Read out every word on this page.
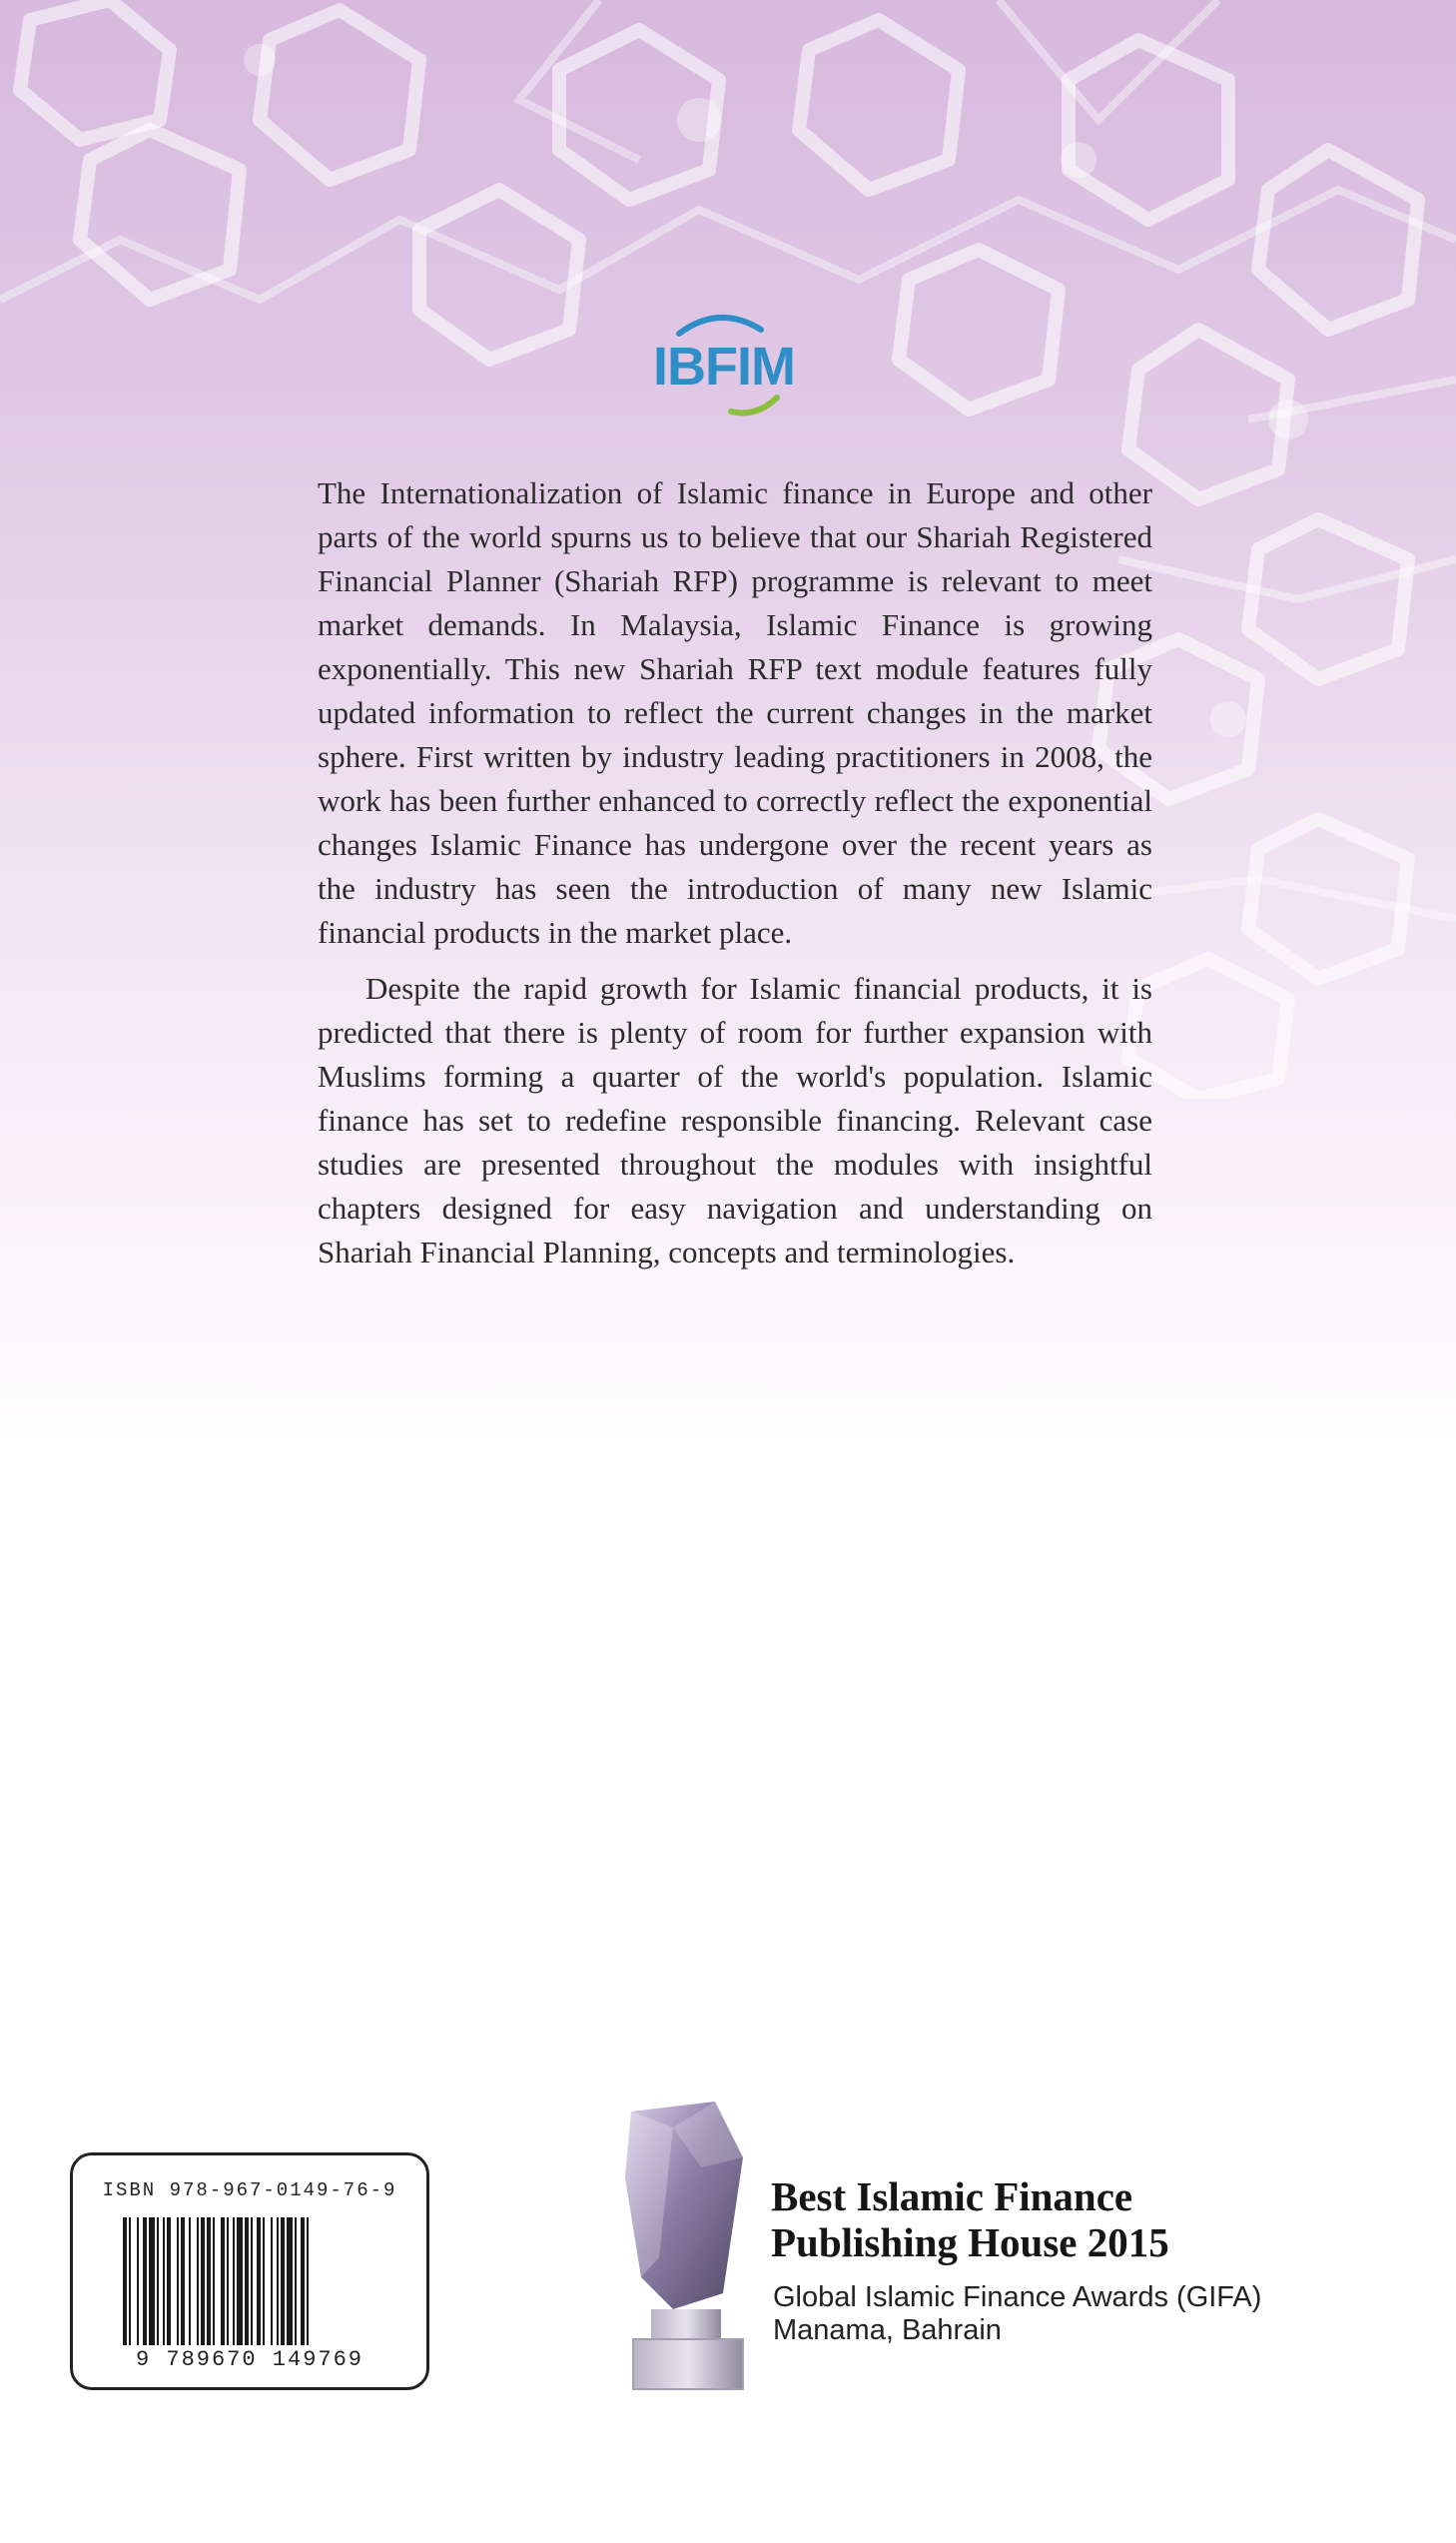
IBFIM

The Internationalization of Islamic finance in Europe and other parts of the world spurns us to believe that our Shariah Registered Financial Planner (Shariah RFP) programme is relevant to meet market demands. In Malaysia, Islamic Finance is growing exponentially. This new Shariah RFP text module features fully updated information to reflect the current changes in the market sphere. First written by industry leading practitioners in 2008, the work has been further enhanced to correctly reflect the exponential changes Islamic Finance has undergone over the recent years as the industry has seen the introduction of many new Islamic financial products in the market place.

Despite the rapid growth for Islamic financial products, it is predicted that there is plenty of room for further expansion with Muslims forming a quarter of the world's population. Islamic finance has set to redefine responsible financing. Relevant case studies are presented throughout the modules with insightful chapters designed for easy navigation and understanding on Shariah Financial Planning, concepts and terminologies.

ISBN 978-967-0149-76-9
9 789670 149769
Best Islamic Finance
Publishing House 2015
Global Islamic Finance Awards (GIFA)
Manama, Bahrain
